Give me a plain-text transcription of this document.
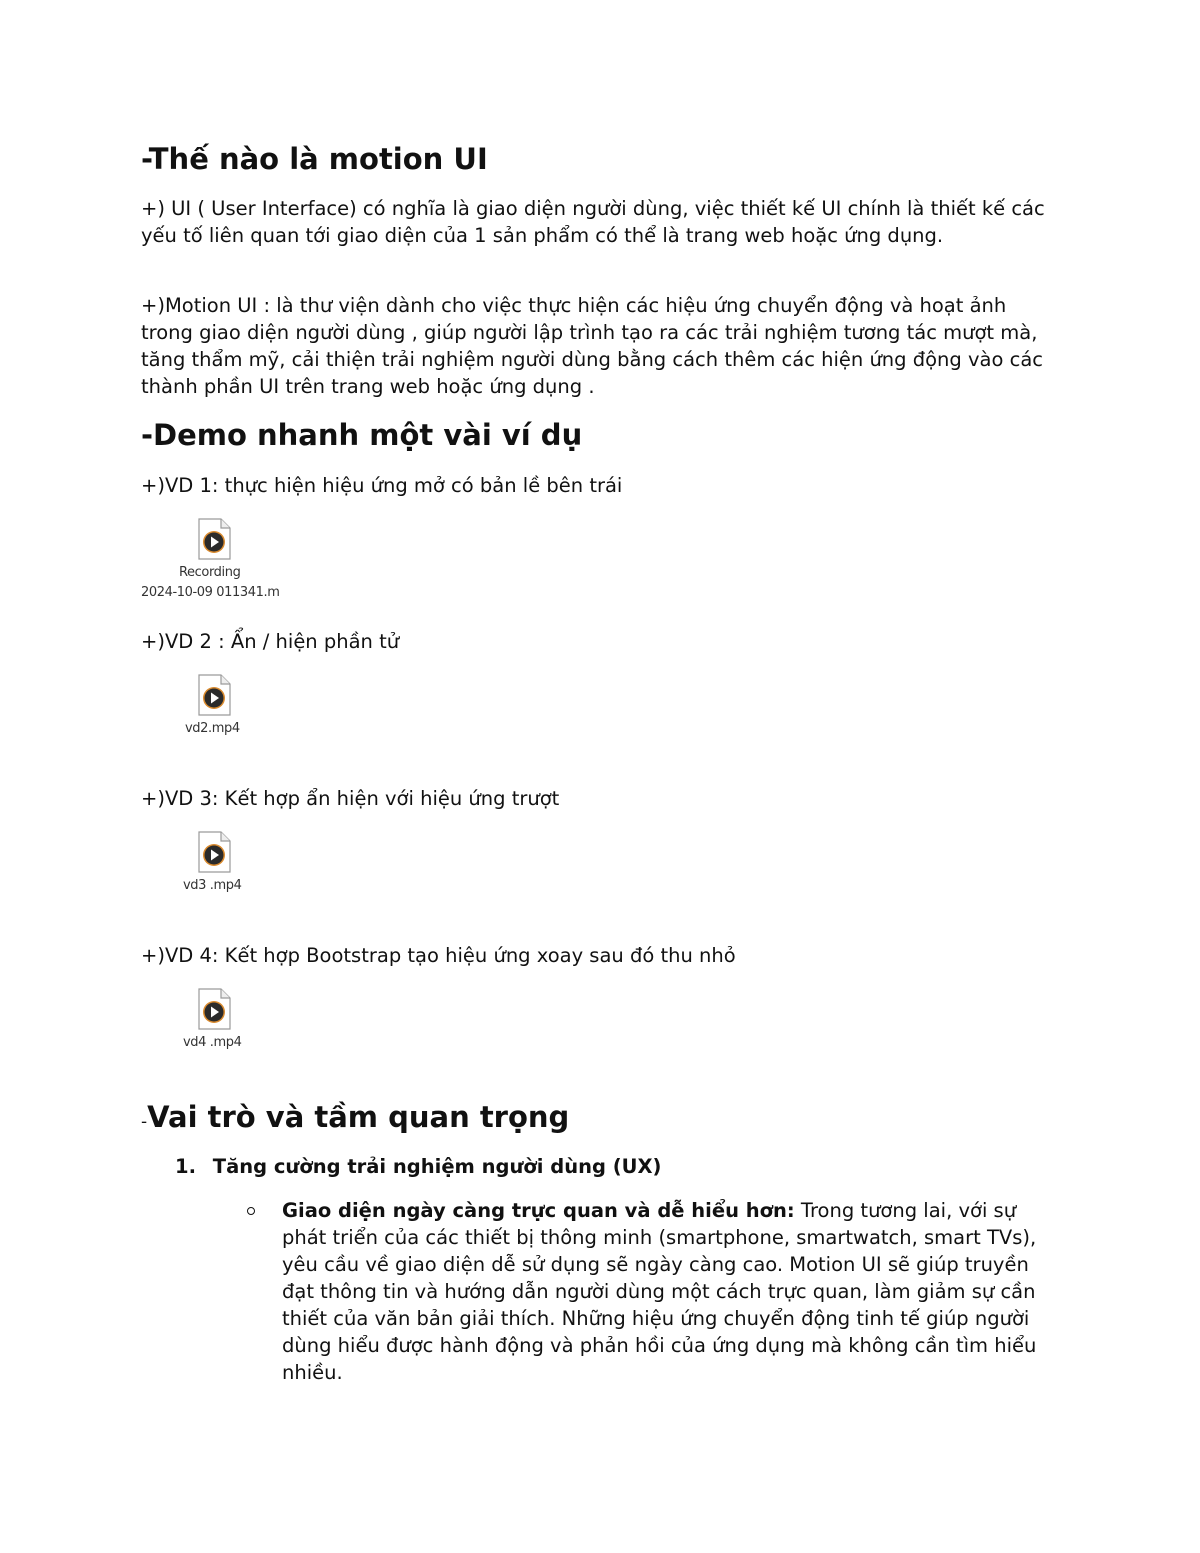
-Thế nào là motion UI

+) UI ( User Interface) có nghĩa là giao diện người dùng, việc thiết kế UI chính là thiết kế các yếu tố liên quan tới giao diện của 1 sản phẩm có thể là trang web hoặc ứng dụng.

+)Motion UI : là thư viện dành cho việc thực hiện các hiệu ứng chuyển động và hoạt ảnh trong giao diện người dùng , giúp người lập trình tạo ra các trải nghiệm tương tác mượt mà, tăng thẩm mỹ, cải thiện trải nghiệm người dùng bằng cách thêm các hiện ứng động vào các thành phần UI trên trang web hoặc ứng dụng .

-Demo nhanh một vài ví dụ

+)VD 1: thực hiện hiệu ứng mở có bản lề bên trái

Recording
2024-10-09 011341.m

+)VD 2 : Ẩn / hiện phần tử

vd2.mp4

+)VD 3: Kết hợp ẩn hiện với hiệu ứng trượt

vd3 .mp4

+)VD 4: Kết hợp Bootstrap tạo hiệu ứng xoay sau đó thu nhỏ

vd4 .mp4
-Vai trò và tầm quan trọng
1. Tăng cường trải nghiệm người dùng (UX)

Giao diện ngày càng trực quan và dễ hiểu hơn: Trong tương lai, với sự phát triển của các thiết bị thông minh (smartphone, smartwatch, smart TVs), yêu cầu về giao diện dễ sử dụng sẽ ngày càng cao. Motion UI sẽ giúp truyền đạt thông tin và hướng dẫn người dùng một cách trực quan, làm giảm sự cần thiết của văn bản giải thích. Những hiệu ứng chuyển động tinh tế giúp người dùng hiểu được hành động và phản hồi của ứng dụng mà không cần tìm hiểu nhiều.
